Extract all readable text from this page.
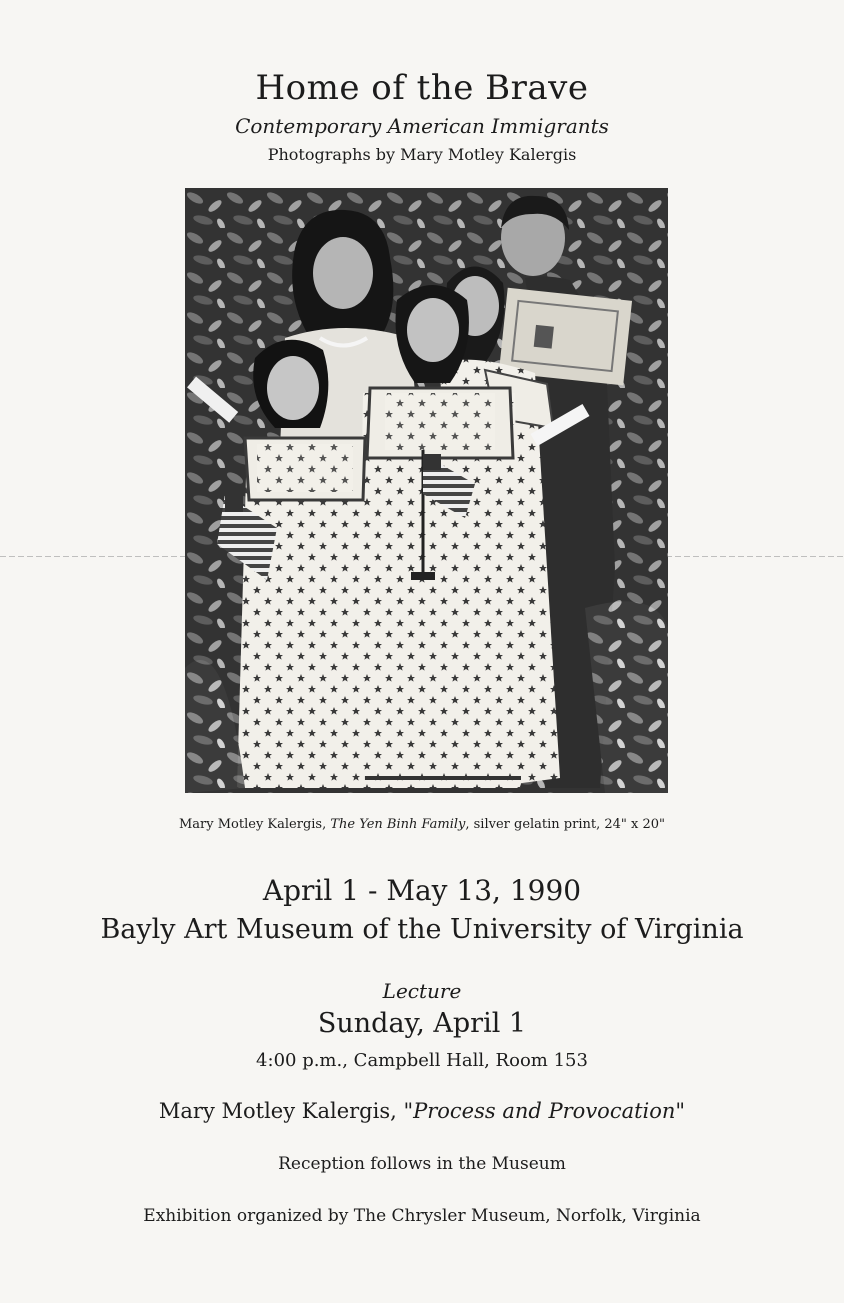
Home of the Brave
Contemporary American Immigrants
Photographs by Mary Motley Kalergis
Mary Motley Kalergis, The Yen Binh Family, silver gelatin print, 24" x 20"
April 1 - May 13, 1990
Bayly Art Museum of the University of Virginia
Lecture
Sunday, April 1
4:00 p.m., Campbell Hall, Room 153
Mary Motley Kalergis, "Process and Provocation"
Reception follows in the Museum
Exhibition organized by The Chrysler Museum, Norfolk, Virginia
